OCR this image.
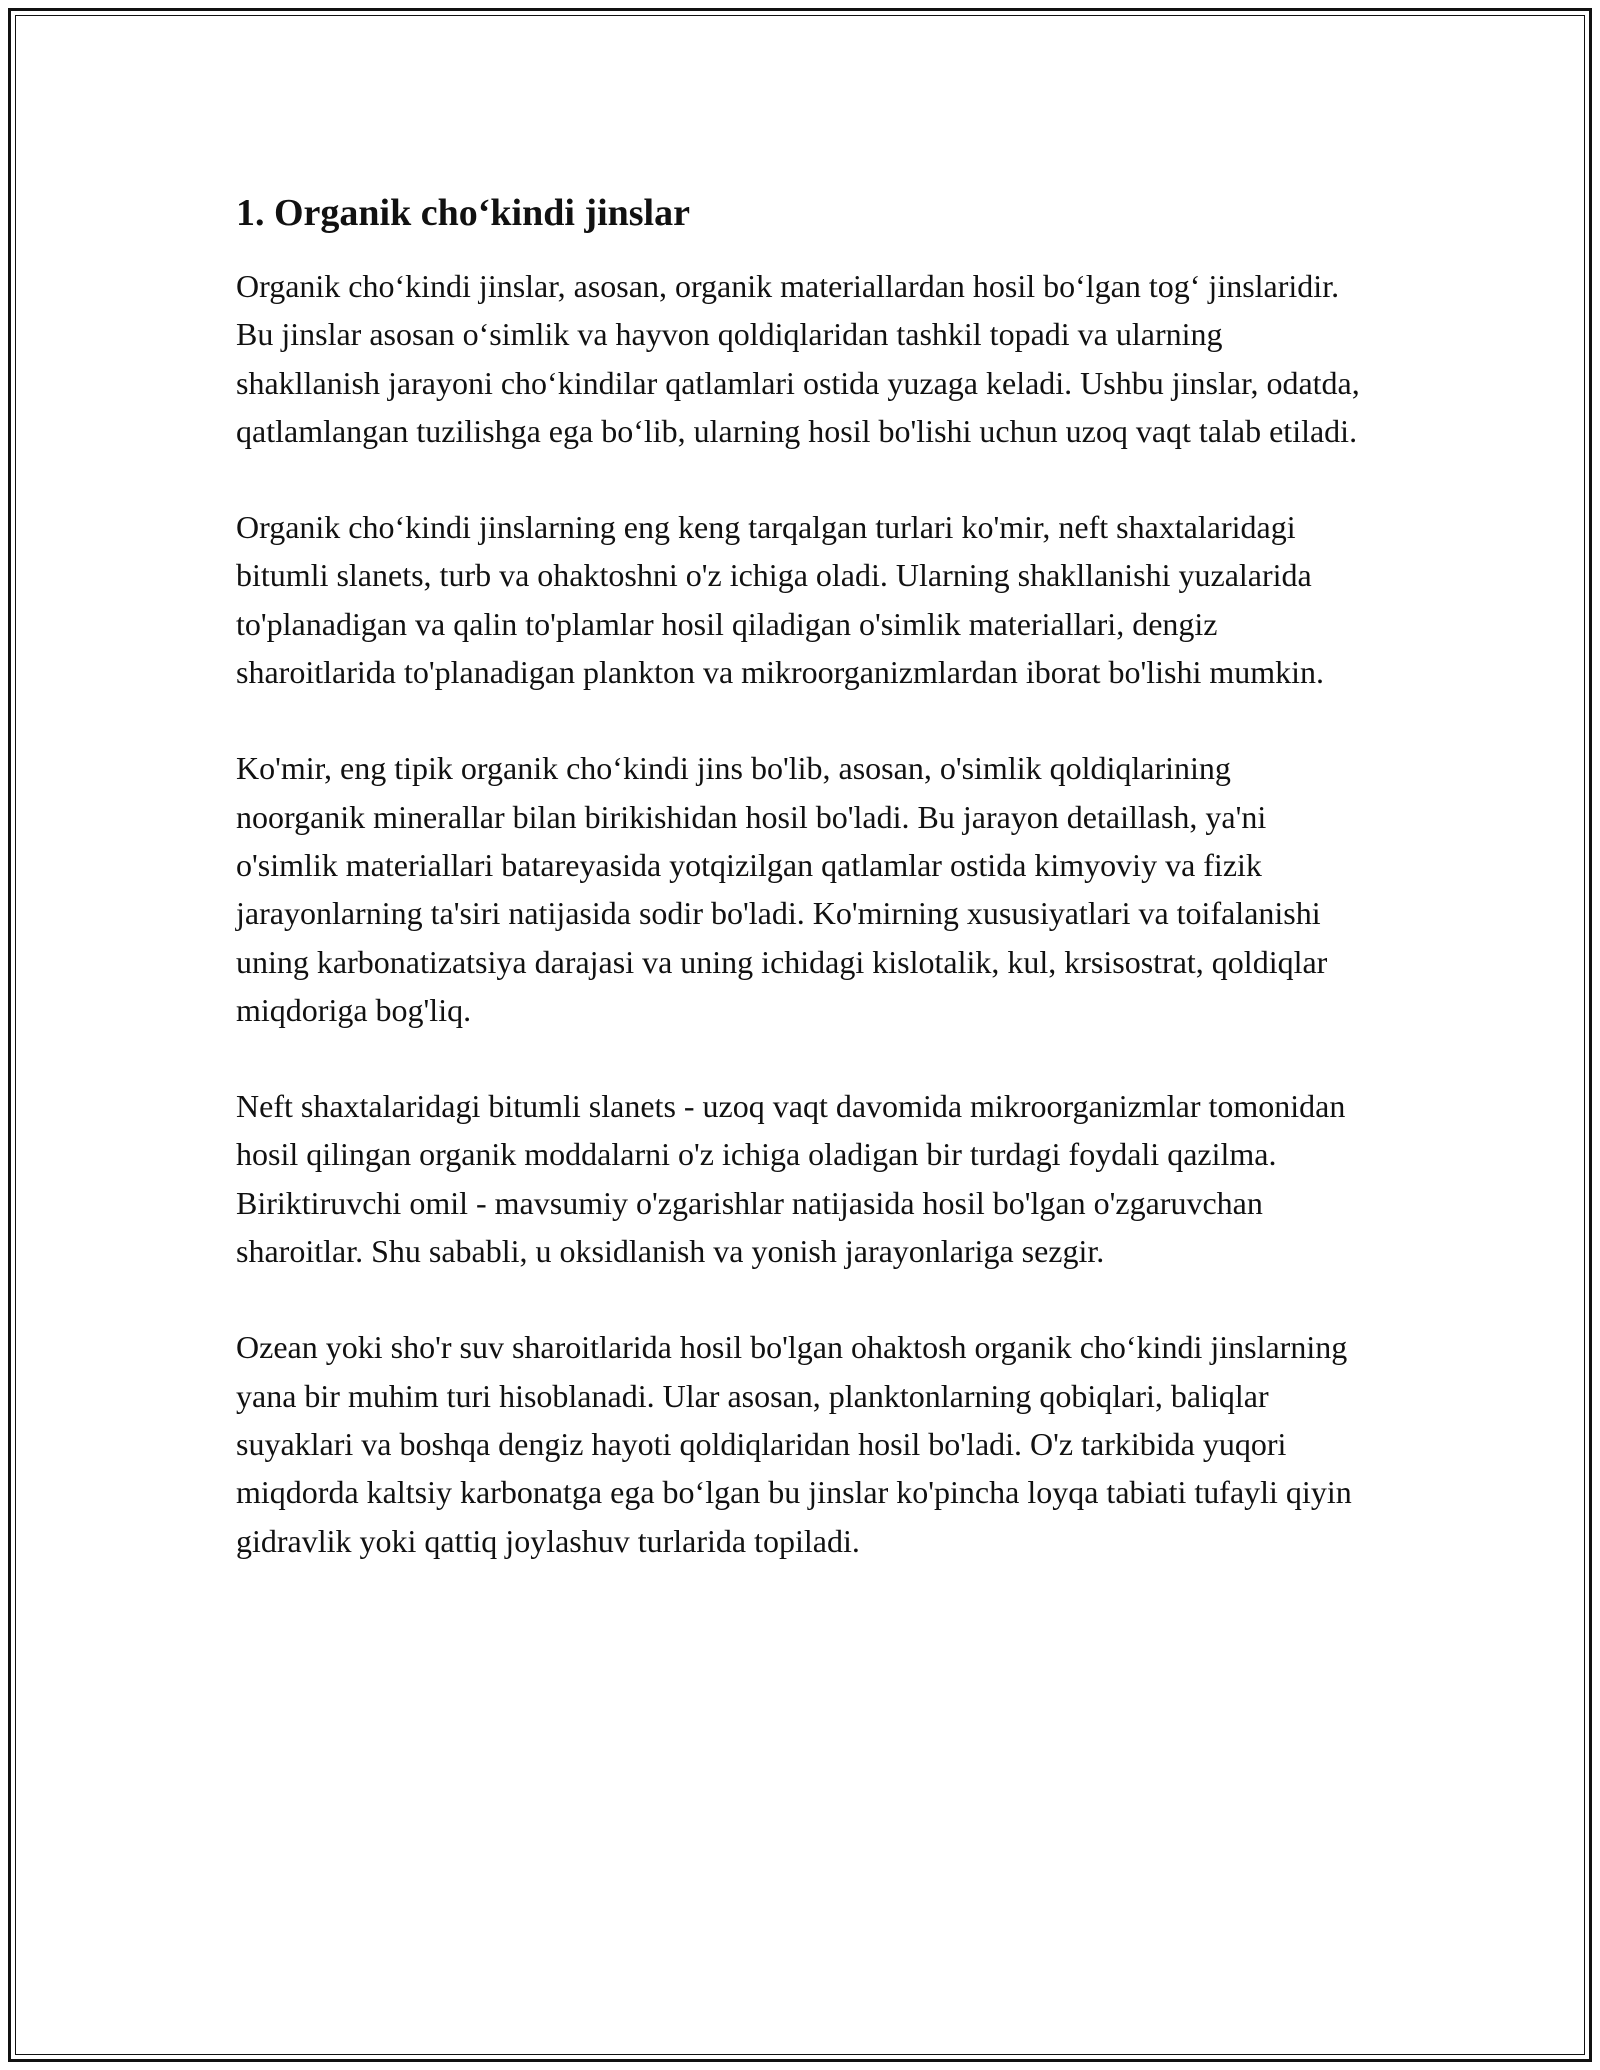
1. Organik cho‘kindi jinslar

Organik cho‘kindi jinslar, asosan, organik materiallardan hosil bo‘lgan tog‘ jinslaridir. Bu jinslar asosan o‘simlik va hayvon qoldiqlaridan tashkil topadi va ularning shakllanish jarayoni cho‘kindilar qatlamlari ostida yuzaga keladi. Ushbu jinslar, odatda, qatlamlangan tuzilishga ega bo‘lib, ularning hosil bo'lishi uchun uzoq vaqt talab etiladi.

Organik cho‘kindi jinslarning eng keng tarqalgan turlari ko'mir, neft shaxtalaridagi bitumli slanets, turb va ohaktoshni o'z ichiga oladi. Ularning shakllanishi yuzalarida to'planadigan va qalin to'plamlar hosil qiladigan o'simlik materiallari, dengiz sharoitlarida to'planadigan plankton va mikroorganizmlardan iborat bo'lishi mumkin.

Ko'mir, eng tipik organik cho‘kindi jins bo'lib, asosan, o'simlik qoldiqlarining noorganik minerallar bilan birikishidan hosil bo'ladi. Bu jarayon detaillash, ya'ni o'simlik materiallari batareyasida yotqizilgan qatlamlar ostida kimyoviy va fizik jarayonlarning ta'siri natijasida sodir bo'ladi. Ko'mirning xususiyatlari va toifalanishi uning karbonatizatsiya darajasi va uning ichidagi kislotalik, kul, krsisostrat, qoldiqlar miqdoriga bog'liq.

Neft shaxtalaridagi bitumli slanets - uzoq vaqt davomida mikroorganizmlar tomonidan hosil qilingan organik moddalarni o'z ichiga oladigan bir turdagi foydali qazilma. Biriktiruvchi omil - mavsumiy o'zgarishlar natijasida hosil bo'lgan o'zgaruvchan sharoitlar. Shu sababli, u oksidlanish va yonish jarayonlariga sezgir.

Ozean yoki sho'r suv sharoitlarida hosil bo'lgan ohaktosh organik cho‘kindi jinslarning yana bir muhim turi hisoblanadi. Ular asosan, planktonlarning qobiqlari, baliqlar suyaklari va boshqa dengiz hayoti qoldiqlaridan hosil bo'ladi. O'z tarkibida yuqori miqdorda kaltsiy karbonatga ega bo‘lgan bu jinslar ko'pincha loyqa tabiati tufayli qiyin gidravlik yoki qattiq joylashuv turlarida topiladi.
